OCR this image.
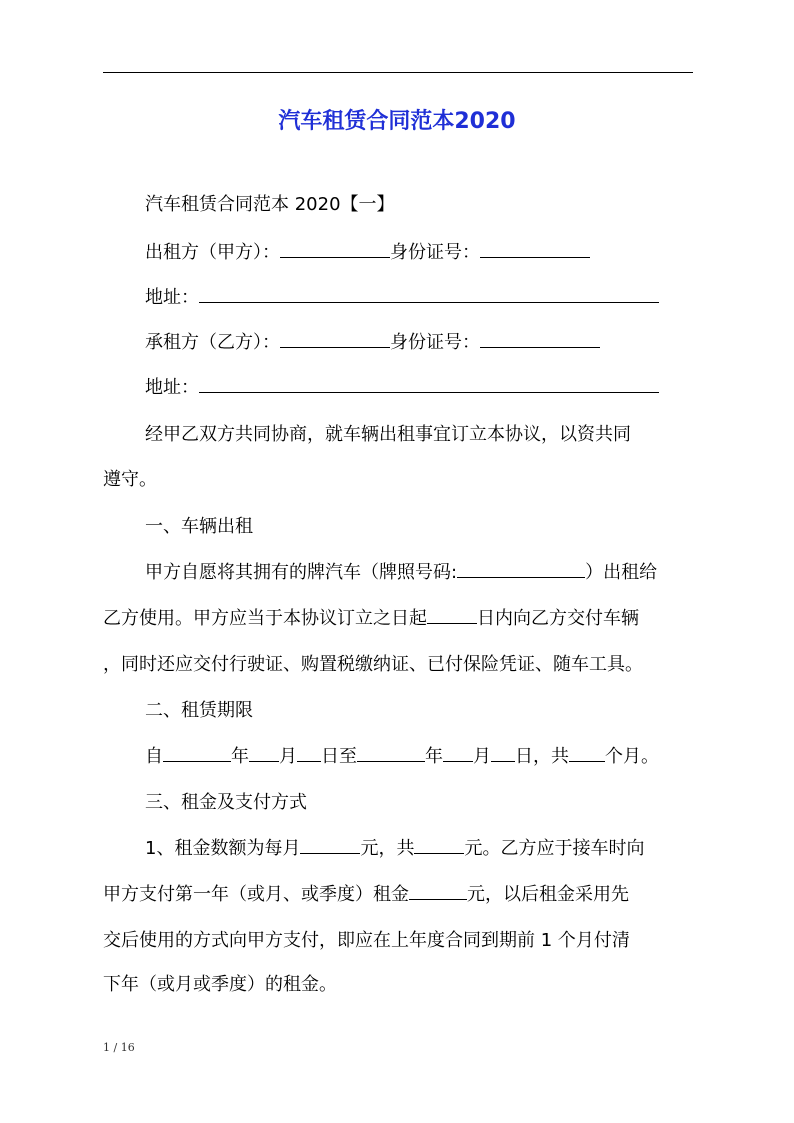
汽车租赁合同范本2020
汽车租赁合同范本 2020【一】
出租方（甲方）：	身份证号：
地址：
承租方（乙方）：	身份证号：
地址：
经甲乙双方共同协商，就车辆出租事宜订立本协议，以资共同
遵守。
一、车辆出租
甲方自愿将其拥有的牌汽车（牌照号码:	）出租给
乙方使用。甲方应当于本协议订立之日起	日内向乙方交付车辆
，同时还应交付行驶证、购置税缴纳证、已付保险凭证、随车工具。
二、租赁期限
自	年 月 日至	年 月 日，共 个月。
三、租金及支付方式
1、租金数额为每月	元，共	元。乙方应于接车时向
甲方支付第一年（或月、或季度）租金	元，以后租金采用先
交后使用的方式向甲方支付，即应在上年度合同到期前 1 个月付清
下年（或月或季度）的租金。
1 / 16
